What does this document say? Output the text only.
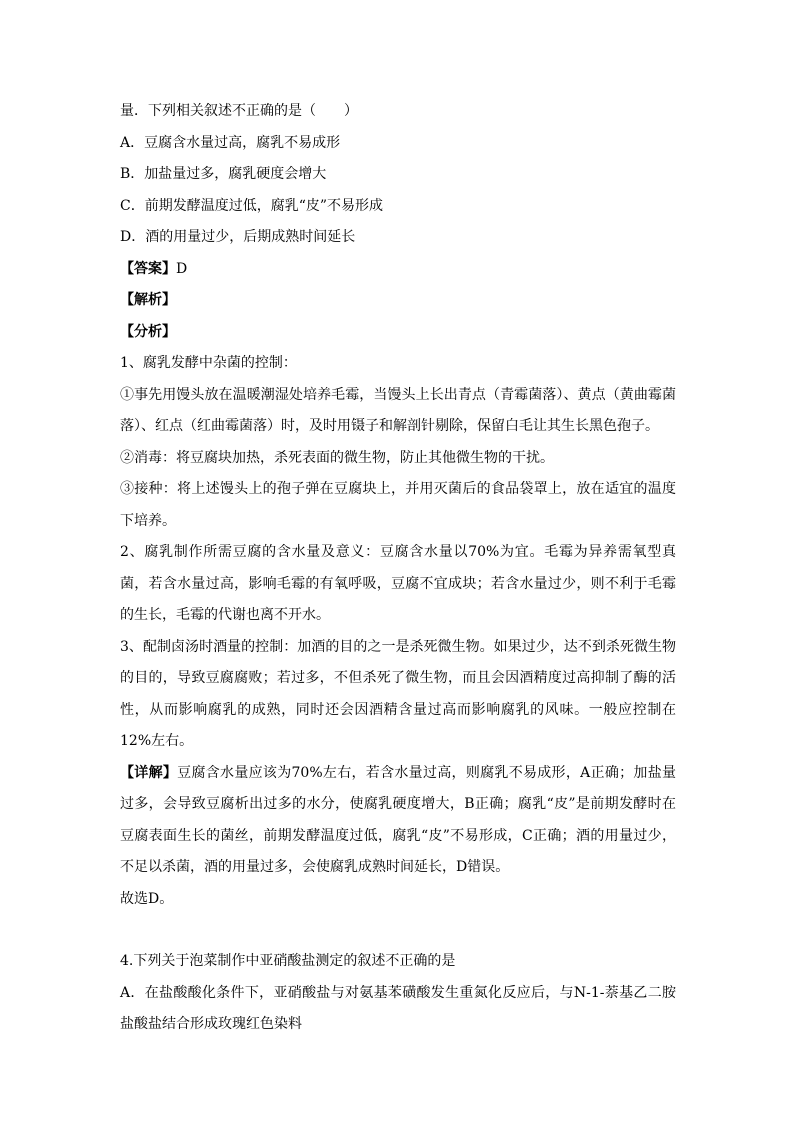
量．下列相关叙述不正确的是（　　）
A．豆腐含水量过高，腐乳不易成形
B．加盐量过多，腐乳硬度会增大
C．前期发酵温度过低，腐乳“皮”不易形成
D．酒的用量过少，后期成熟时间延长
【答案】D
【解析】
【分析】
1、腐乳发酵中杂菌的控制：
①事先用馒头放在温暖潮湿处培养毛霉，当馒头上长出青点（青霉菌落）、黄点（黄曲霉菌落）、红点（红曲霉菌落）时，及时用镊子和解剖针剔除，保留白毛让其生长黑色孢子。
②消毒：将豆腐块加热，杀死表面的微生物，防止其他微生物的干扰。
③接种：将上述馒头上的孢子弹在豆腐块上，并用灭菌后的食品袋罩上，放在适宜的温度下培养。
2、腐乳制作所需豆腐的含水量及意义：豆腐含水量以70%为宜。毛霉为异养需氧型真菌，若含水量过高，影响毛霉的有氧呼吸，豆腐不宜成块；若含水量过少，则不利于毛霉的生长，毛霉的代谢也离不开水。
3、配制卤汤时酒量的控制：加酒的目的之一是杀死微生物。如果过少，达不到杀死微生物的目的，导致豆腐腐败；若过多，不但杀死了微生物，而且会因酒精度过高抑制了酶的活性，从而影响腐乳的成熟，同时还会因酒精含量过高而影响腐乳的风味。一般应控制在12%左右。
【详解】豆腐含水量应该为70%左右，若含水量过高，则腐乳不易成形，A正确；加盐量过多，会导致豆腐析出过多的水分，使腐乳硬度增大，B正确；腐乳“皮”是前期发酵时在豆腐表面生长的菌丝，前期发酵温度过低，腐乳“皮”不易形成，C正确；酒的用量过少，不足以杀菌，酒的用量过多，会使腐乳成熟时间延长，D错误。
故选D。
4.下列关于泡菜制作中亚硝酸盐测定的叙述不正确的是
A．在盐酸酸化条件下，亚硝酸盐与对氨基苯磺酸发生重氮化反应后，与N-1-萘基乙二胺盐酸盐结合形成玫瑰红色染料
